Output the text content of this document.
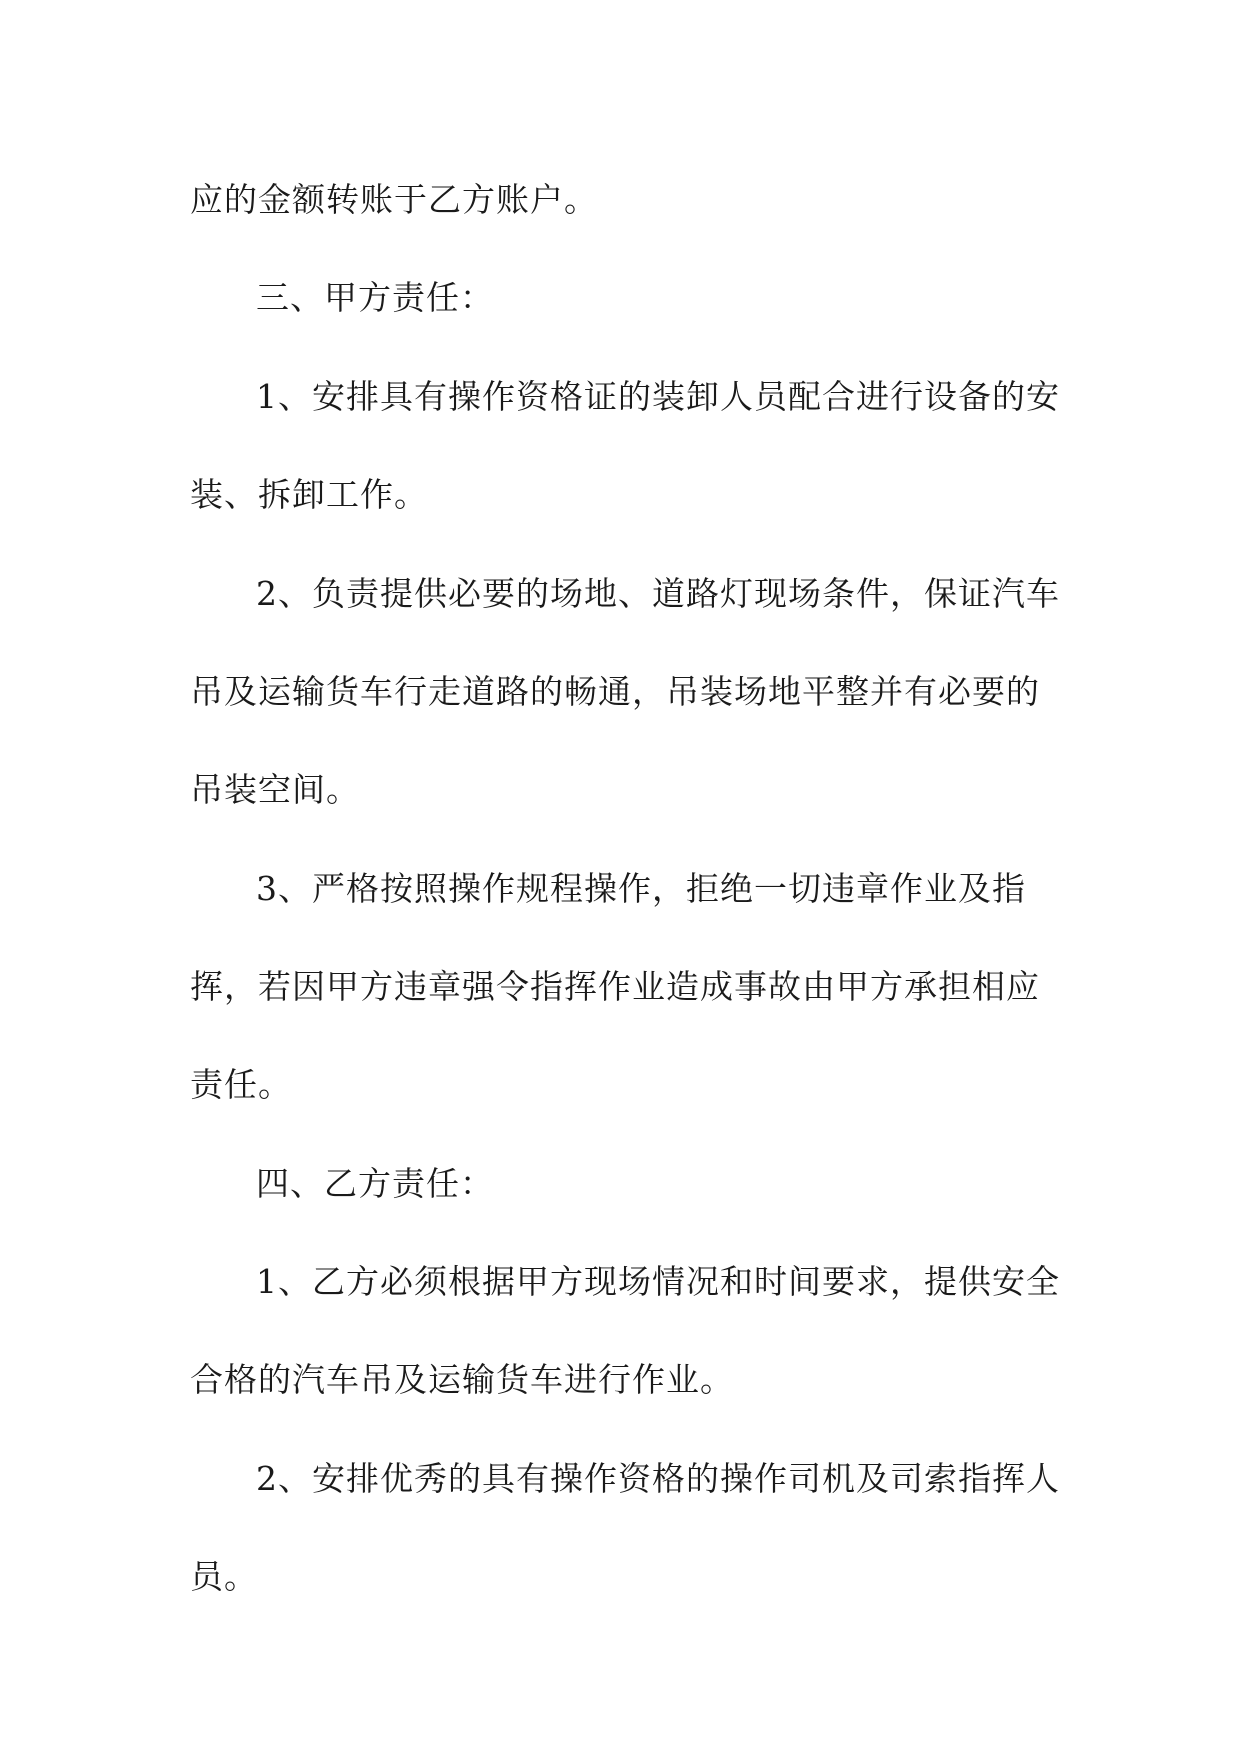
应的金额转账于乙方账户。
三、甲方责任：
1、安排具有操作资格证的装卸人员配合进行设备的安
装、拆卸工作。
2、负责提供必要的场地、道路灯现场条件，保证汽车
吊及运输货车行走道路的畅通，吊装场地平整并有必要的
吊装空间。
3、严格按照操作规程操作，拒绝一切违章作业及指
挥，若因甲方违章强令指挥作业造成事故由甲方承担相应
责任。
四、乙方责任：
1、乙方必须根据甲方现场情况和时间要求，提供安全
合格的汽车吊及运输货车进行作业。
2、安排优秀的具有操作资格的操作司机及司索指挥人
员。
